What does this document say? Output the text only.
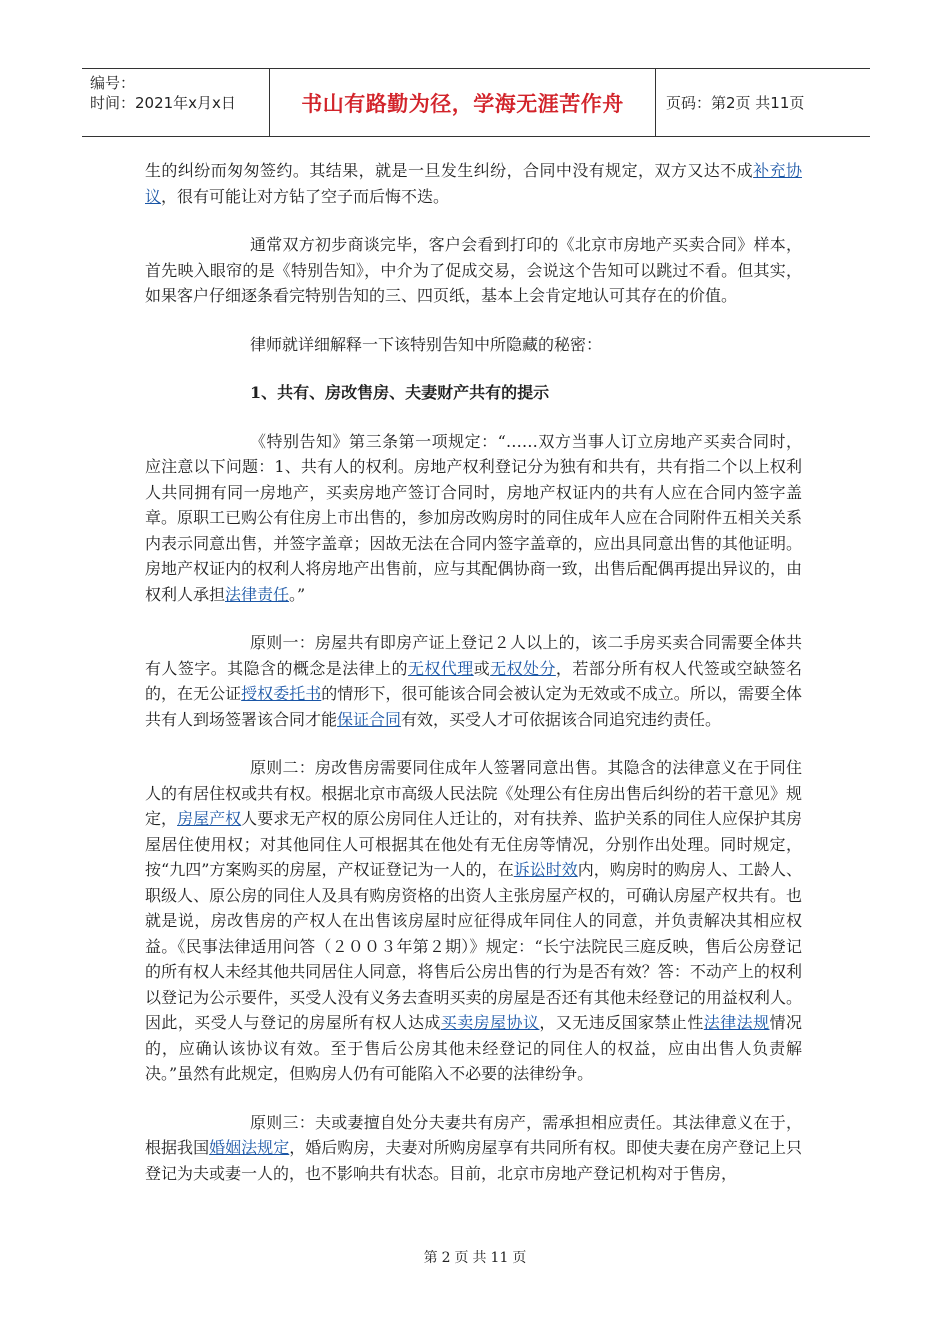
编号：
时间：2021年x月x日	书山有路勤为径，学海无涯苦作舟	页码：第2页 共11页

生的纠纷而匆匆签约。其结果，就是一旦发生纠纷，合同中没有规定，双方又达不成补充协议，很有可能让对方钻了空子而后悔不迭。

通常双方初步商谈完毕，客户会看到打印的《北京市房地产买卖合同》样本，首先映入眼帘的是《特别告知》，中介为了促成交易，会说这个告知可以跳过不看。但其实，如果客户仔细逐条看完特别告知的三、四页纸，基本上会肯定地认可其存在的价值。

律师就详细解释一下该特别告知中所隐藏的秘密：

1、共有、房改售房、夫妻财产共有的提示

《特别告知》第三条第一项规定：“……双方当事人订立房地产买卖合同时，应注意以下问题：1、共有人的权利。房地产权利登记分为独有和共有，共有指二个以上权利人共同拥有同一房地产，买卖房地产签订合同时，房地产权证内的共有人应在合同内签字盖章。原职工已购公有住房上市出售的，参加房改购房时的同住成年人应在合同附件五相关关系内表示同意出售，并签字盖章；因故无法在合同内签字盖章的，应出具同意出售的其他证明。房地产权证内的权利人将房地产出售前，应与其配偶协商一致，出售后配偶再提出异议的，由权利人承担法律责任。”

原则一：房屋共有即房产证上登记２人以上的，该二手房买卖合同需要全体共有人签字。其隐含的概念是法律上的无权代理或无权处分，若部分所有权人代签或空缺签名的，在无公证授权委托书的情形下，很可能该合同会被认定为无效或不成立。所以，需要全体共有人到场签署该合同才能保证合同有效，买受人才可依据该合同追究违约责任。

原则二：房改售房需要同住成年人签署同意出售。其隐含的法律意义在于同住人的有居住权或共有权。根据北京市高级人民法院《处理公有住房出售后纠纷的若干意见》规定，房屋产权人要求无产权的原公房同住人迁让的，对有扶养、监护关系的同住人应保护其房屋居住使用权；对其他同住人可根据其在他处有无住房等情况，分别作出处理。同时规定，按“九四”方案购买的房屋，产权证登记为一人的，在诉讼时效内，购房时的购房人、工龄人、职级人、原公房的同住人及具有购房资格的出资人主张房屋产权的，可确认房屋产权共有。也就是说，房改售房的产权人在出售该房屋时应征得成年同住人的同意，并负责解决其相应权益。《民事法律适用问答（２００３年第２期）》规定：“长宁法院民三庭反映，售后公房登记的所有权人未经其他共同居住人同意，将售后公房出售的行为是否有效？答：不动产上的权利以登记为公示要件，买受人没有义务去查明买卖的房屋是否还有其他未经登记的用益权利人。因此，买受人与登记的房屋所有权人达成买卖房屋协议，又无违反国家禁止性法律法规情况的，应确认该协议有效。至于售后公房其他未经登记的同住人的权益，应由出售人负责解决。”虽然有此规定，但购房人仍有可能陷入不必要的法律纷争。

原则三：夫或妻擅自处分夫妻共有房产，需承担相应责任。其法律意义在于，根据我国婚姻法规定，婚后购房，夫妻对所购房屋享有共同所有权。即使夫妻在房产登记上只登记为夫或妻一人的，也不影响共有状态。目前，北京市房地产登记机构对于售房，

第 2 页 共 11 页
